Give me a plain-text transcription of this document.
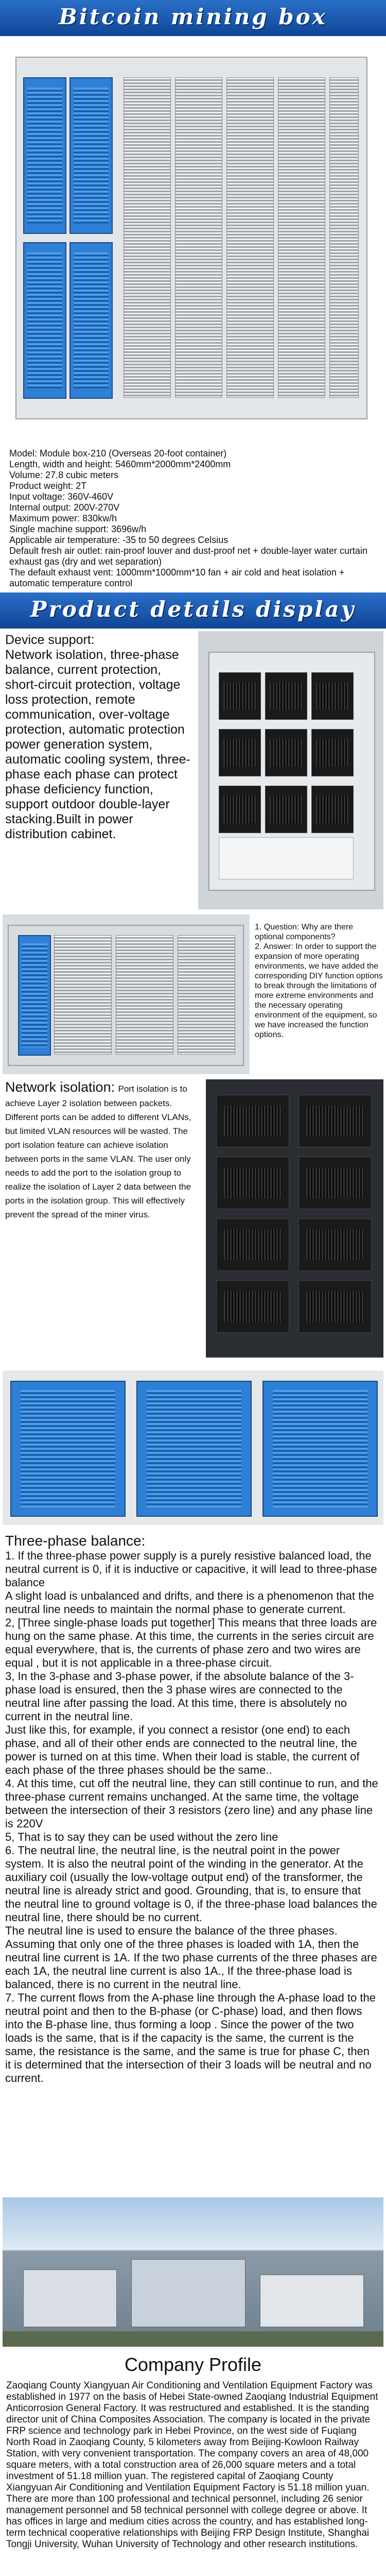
Bitcoin mining box

Model: Module box-210 (Overseas 20-foot container)

Length, width and height: 5460mm*2000mm*2400mm

Volume: 27.8 cubic meters

Product weight: 2T

Input voltage: 360V-460V

Internal output: 200V-270V

Maximum power: 830kw/h

Single machine support: 3696w/h

Applicable air temperature: -35 to 50 degrees Celsius

Default fresh air outlet: rain-proof louver and dust-proof net + double-layer water curtain exhaust gas (dry and wet separation)

The default exhaust vent: 1000mm*1000mm*10 fan + air cold and heat isolation + automatic temperature control

Product details display
Device support:
Network isolation, three-phase balance, current protection, short-circuit protection, voltage loss protection, remote communication, over-voltage protection, automatic protection power generation system, automatic cooling system, three-phase each phase can protect phase deficiency function, support outdoor double-layer stacking.Built in power distribution cabinet.

1. Question: Why are there optional components?

2. Answer: In order to support the expansion of more operating environments, we have added the corresponding DIY function options to break through the limitations of more extreme environments and the necessary operating environment of the equipment, so we have increased the function options.

Network isolation: Port isolation is to achieve Layer 2 isolation between packets. Different ports can be added to different VLANs, but limited VLAN resources will be wasted. The port isolation feature can achieve isolation between ports in the same VLAN. The user only needs to add the port to the isolation group to realize the isolation of Layer 2 data between the ports in the isolation group. This will effectively prevent the spread of the miner virus.

Three-phase balance:

1. If the three-phase power supply is a purely resistive balanced load, the neutral current is 0, if it is inductive or capacitive, it will lead to three-phase balance

A slight load is unbalanced and drifts, and there is a phenomenon that the neutral line needs to maintain the normal phase to generate current.

2, [Three single-phase loads put together] This means that three loads are hung on the same phase. At this time, the currents in the series circuit are equal everywhere, that is, the currents of phase zero and two wires are equal , but it is not applicable in a three-phase circuit.

3, In the 3-phase and 3-phase power, if the absolute balance of the 3-phase load is ensured, then the 3 phase wires are connected to the neutral line after passing the load. At this time, there is absolutely no current in the neutral line.

Just like this, for example, if you connect a resistor (one end) to each phase, and all of their other ends are connected to the neutral line, the power is turned on at this time. When their load is stable, the current of each phase of the three phases should be the same..

4. At this time, cut off the neutral line, they can still continue to run, and the three-phase current remains unchanged. At the same time, the voltage between the intersection of their 3 resistors (zero line) and any phase line is 220V

5, That is to say they can be used without the zero line

6. The neutral line, the neutral line, is the neutral point in the power system. It is also the neutral point of the winding in the generator. At the auxiliary coil (usually the low-voltage output end) of the transformer, the neutral line is already strict and good. Grounding, that is, to ensure that the neutral line to ground voltage is 0, if the three-phase load balances the neutral line, there should be no current.

The neutral line is used to ensure the balance of the three phases. Assuming that only one of the three phases is loaded with 1A, then the neutral line current is 1A. If the two phase currents of the three phases are each 1A, the neutral line current is also 1A., If the three-phase load is balanced, there is no current in the neutral line.

7. The current flows from the A-phase line through the A-phase load to the neutral point and then to the B-phase (or C-phase) load, and then flows into the B-phase line, thus forming a loop . Since the power of the two loads is the same, that is if the capacity is the same, the current is the same, the resistance is the same, and the same is true for phase C, then it is determined that the intersection of their 3 loads will be neutral and no current.

Company Profile
Zaoqiang County Xiangyuan Air Conditioning and Ventilation Equipment Factory was established in 1977 on the basis of Hebei State-owned Zaoqiang Industrial Equipment Anticorrosion General Factory. It was restructured and established. It is the standing director unit of China Composites Association. The company is located in the private FRP science and technology park in Hebei Province, on the west side of Fuqiang North Road in Zaoqiang County, 5 kilometers away from Beijing-Kowloon Railway Station, with very convenient transportation. The company covers an area of 48,000 square meters, with a total construction area of 26,000 square meters and a total investment of 51.18 million yuan. The registered capital of Zaoqiang County Xiangyuan Air Conditioning and Ventilation Equipment Factory is 51.18 million yuan. There are more than 100 professional and technical personnel, including 26 senior management personnel and 58 technical personnel with college degree or above. It has offices in large and medium cities across the country, and has established long-term technical cooperative relationships with Beijing FRP Design Institute, Shanghai Tongji University, Wuhan University of Technology and other research institutions.
